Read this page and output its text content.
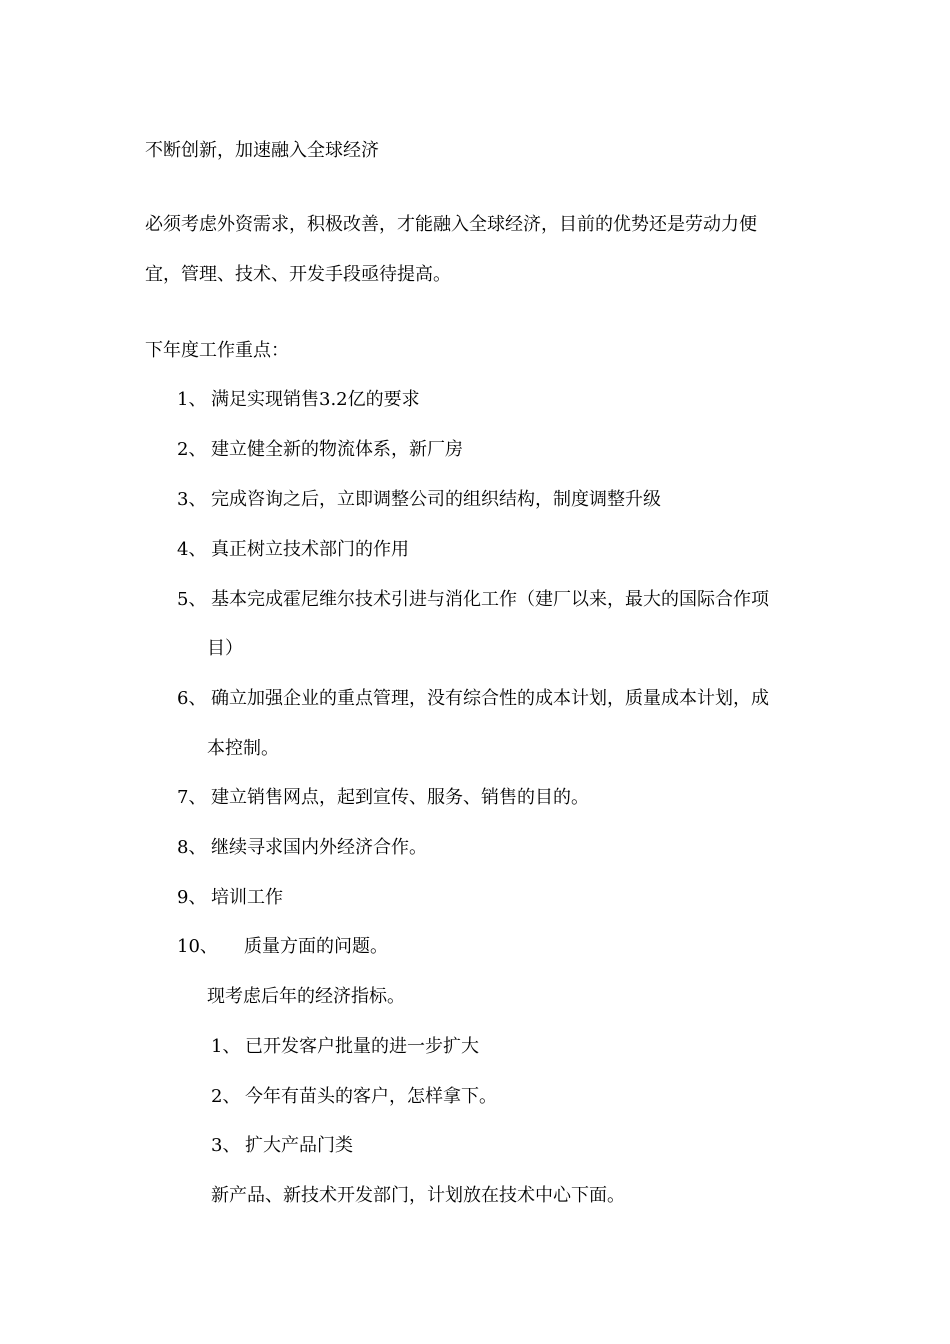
不断创新，加速融入全球经济
必须考虑外资需求，积极改善，才能融入全球经济，目前的优势还是劳动力便
宜，管理、技术、开发手段亟待提高。
下年度工作重点：
1、 满足实现销售3.2亿的要求
2、 建立健全新的物流体系，新厂房
3、 完成咨询之后，立即调整公司的组织结构，制度调整升级
4、 真正树立技术部门的作用
5、 基本完成霍尼维尔技术引进与消化工作（建厂以来，最大的国际合作项
目）
6、 确立加强企业的重点管理，没有综合性的成本计划，质量成本计划，成
本控制。
7、 建立销售网点，起到宣传、服务、销售的目的。
8、 继续寻求国内外经济合作。
9、 培训工作
10、 质量方面的问题。
现考虑后年的经济指标。
1、 已开发客户批量的进一步扩大
2、 今年有苗头的客户，怎样拿下。
3、 扩大产品门类
新产品、新技术开发部门，计划放在技术中心下面。
